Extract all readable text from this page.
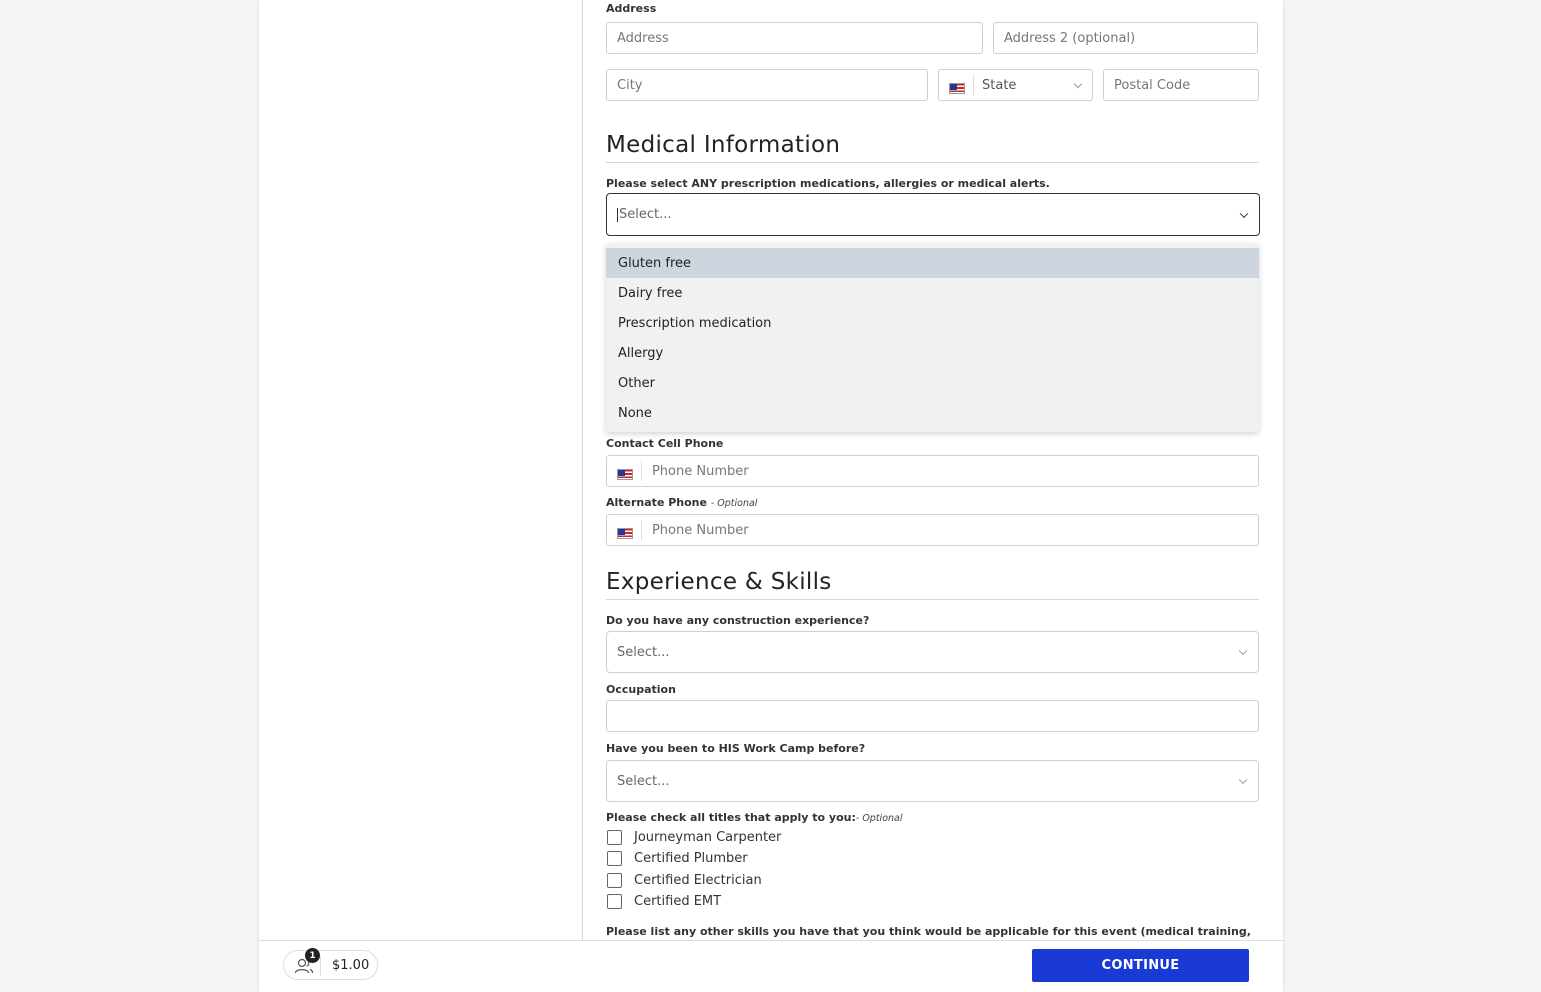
Address
Address
Address 2 (optional)
City
State
Postal Code
Medical Information
Please select ANY prescription medications, allergies or medical alerts.
Select...
Contact Cell Phone
Phone Number
Alternate Phone - Optional
Phone Number
Experience & Skills
Do you have any construction experience?
Select...
Occupation
Have you been to HIS Work Camp before?
Select...
Please check all titles that apply to you:- Optional
Journeyman Carpenter
Certified Plumber
Certified Electrician
Certified EMT
Please list any other skills you have that you think would be applicable for this event (medical training,
Gluten free
Dairy free
Prescription medication
Allergy
Other
None
$1.00
1
CONTINUE
